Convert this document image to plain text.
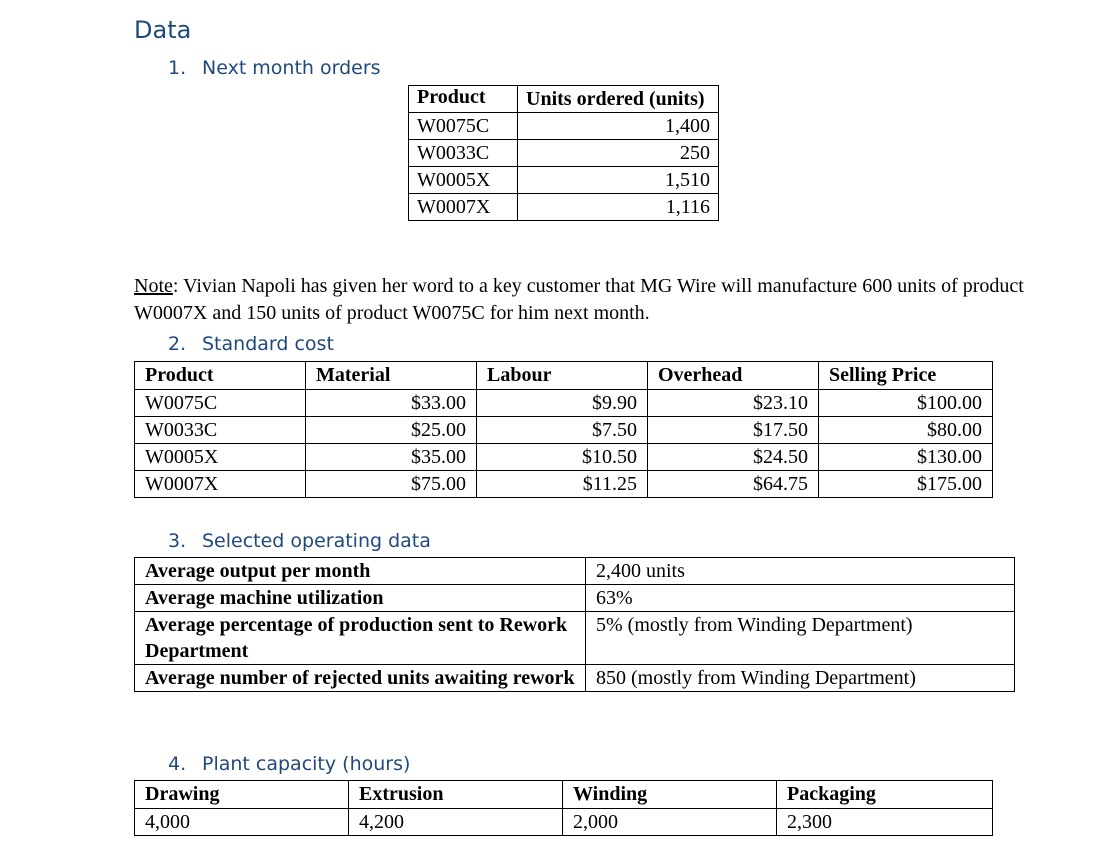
Data
1. Next month orders
Product	Units ordered (units)
W0075C	1,400
W0033C	250
W0005X	1,510
W0007X	1,116
Note: Vivian Napoli has given her word to a key customer that MG Wire will manufacture 600 units of product W0007X and 150 units of product W0075C for him next month.
2. Standard cost
Product	Material	Labour	Overhead	Selling Price
W0075C	$33.00	$9.90	$23.10	$100.00
W0033C	$25.00	$7.50	$17.50	$80.00
W0005X	$35.00	$10.50	$24.50	$130.00
W0007X	$75.00	$11.25	$64.75	$175.00
3. Selected operating data
Average output per month	2,400 units
Average machine utilization	63%
Average percentage of production sent to Rework Department	5% (mostly from Winding Department)
Average number of rejected units awaiting rework	850 (mostly from Winding Department)
4. Plant capacity (hours)
Drawing	Extrusion	Winding	Packaging
4,000	4,200	2,000	2,300
